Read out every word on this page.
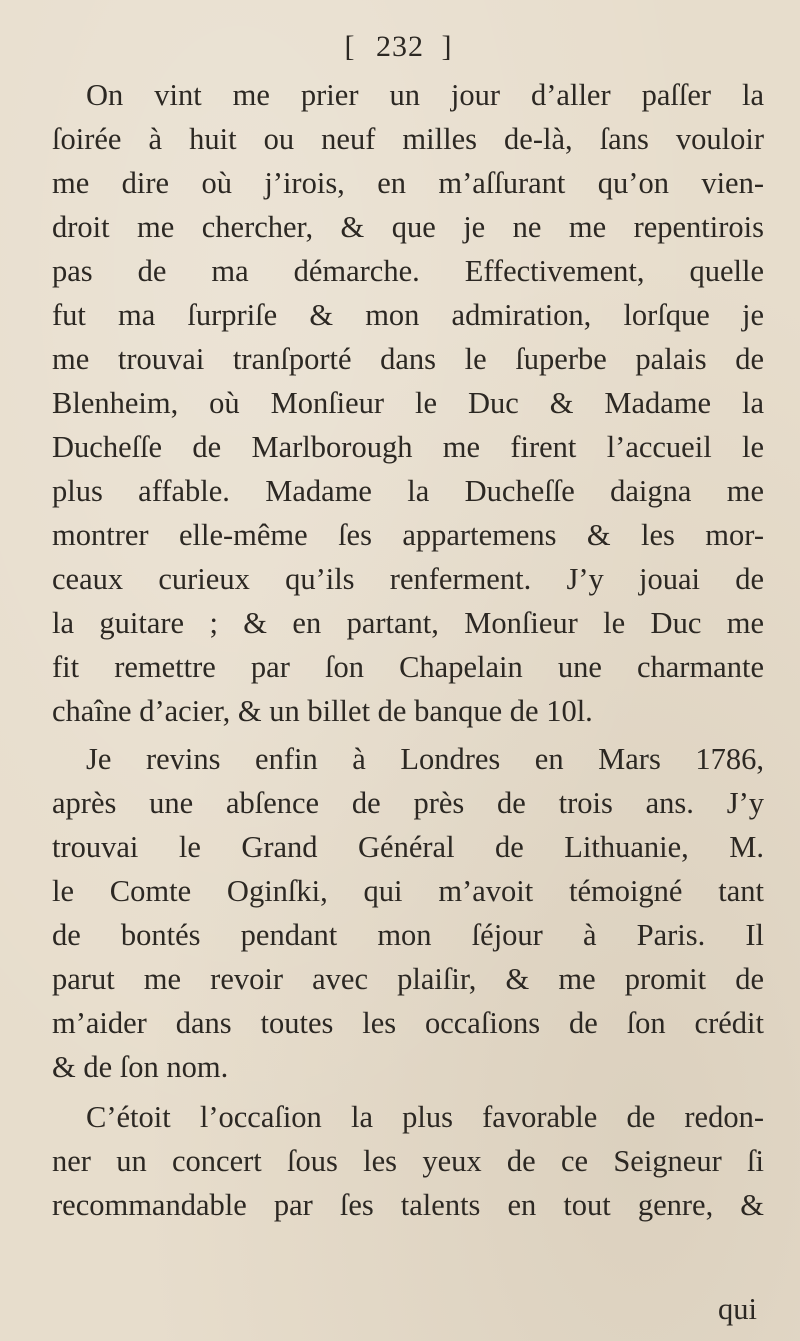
[ 232 ]
On vint me prier un jour d’aller paſſer la
ſoirée à huit ou neuf milles de-là, ſans vouloir
me dire où j’irois, en m’aſſurant qu’on vien-
droit me chercher, & que je ne me repentirois
pas de ma démarche. Effectivement, quelle
fut ma ſurpriſe & mon admiration, lorſque je
me trouvai tranſporté dans le ſuperbe palais de
Blenheim, où Monſieur le Duc & Madame la
Ducheſſe de Marlborough me firent l’accueil le
plus affable. Madame la Ducheſſe daigna me
montrer elle-même ſes appartemens & les mor-
ceaux curieux qu’ils renferment. J’y jouai de
la guitare ; & en partant, Monſieur le Duc me
fit remettre par ſon Chapelain une charmante
chaîne d’acier, & un billet de banque de 10l.
Je revins enfin à Londres en Mars 1786,
après une abſence de près de trois ans. J’y
trouvai le Grand Général de Lithuanie, M.
le Comte Oginſki, qui m’avoit témoigné tant
de bontés pendant mon ſéjour à Paris. Il
parut me revoir avec plaiſir, & me promit de
m’aider dans toutes les occaſions de ſon crédit
& de ſon nom.
C’étoit l’occaſion la plus favorable de redon-
ner un concert ſous les yeux de ce Seigneur ſi
recommandable par ſes talents en tout genre, &
qui
